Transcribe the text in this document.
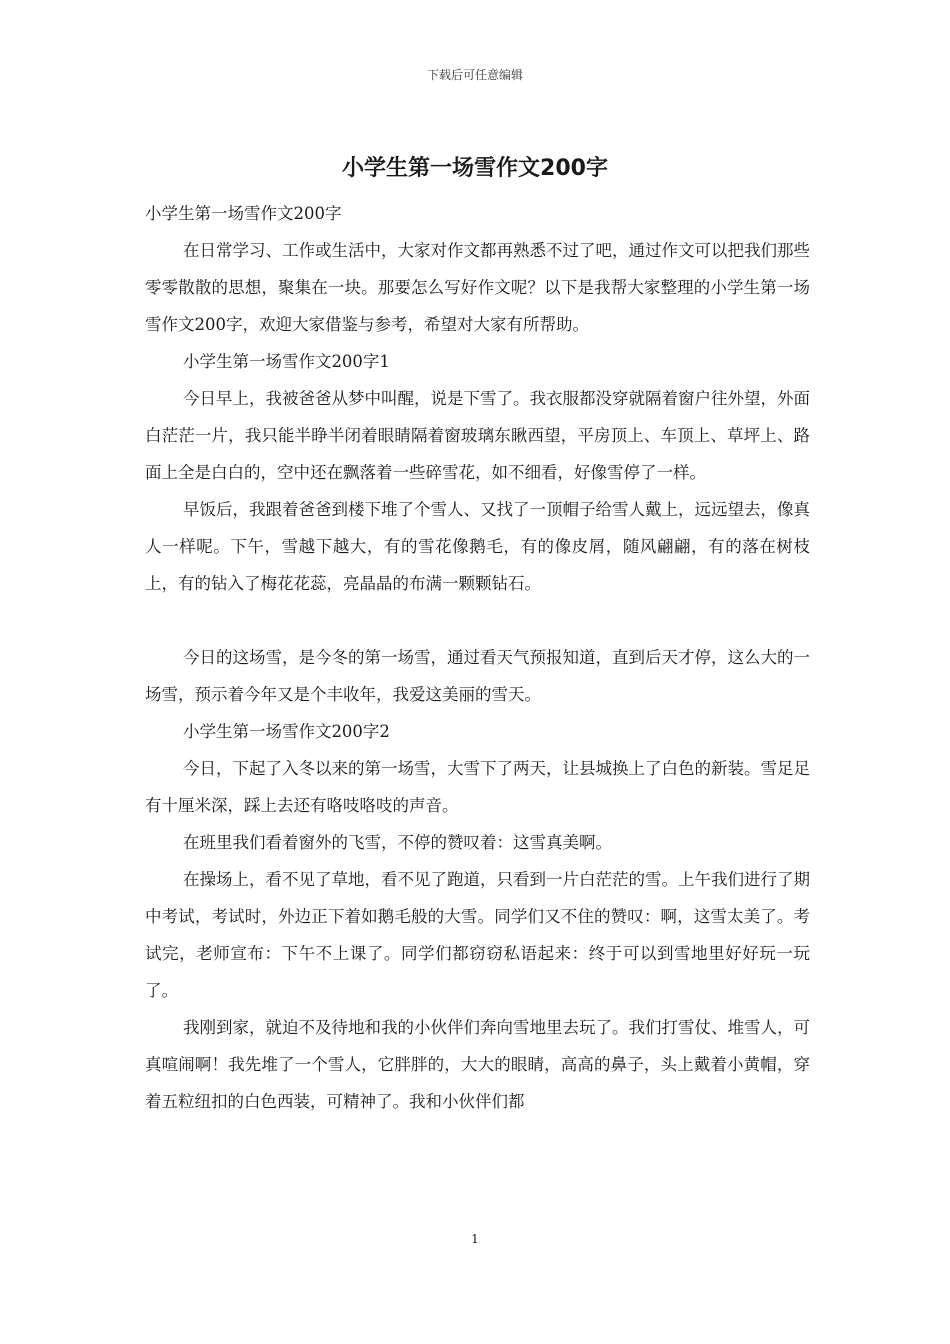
下载后可任意编辑
小学生第一场雪作文200字

小学生第一场雪作文200字

在日常学习、工作或生活中，大家对作文都再熟悉不过了吧，通过作文可以把我们那些零零散散的思想，聚集在一块。那要怎么写好作文呢？以下是我帮大家整理的小学生第一场雪作文200字，欢迎大家借鉴与参考，希望对大家有所帮助。

小学生第一场雪作文200字1

今日早上，我被爸爸从梦中叫醒，说是下雪了。我衣服都没穿就隔着窗户往外望，外面白茫茫一片，我只能半睁半闭着眼睛隔着窗玻璃东瞅西望，平房顶上、车顶上、草坪上、路面上全是白白的，空中还在飘落着一些碎雪花，如不细看，好像雪停了一样。

早饭后，我跟着爸爸到楼下堆了个雪人、又找了一顶帽子给雪人戴上，远远望去，像真人一样呢。下午，雪越下越大，有的雪花像鹅毛，有的像皮屑，随风翩翩，有的落在树枝上，有的钻入了梅花花蕊，亮晶晶的布满一颗颗钻石。

今日的这场雪，是今冬的第一场雪，通过看天气预报知道，直到后天才停，这么大的一场雪，预示着今年又是个丰收年，我爱这美丽的雪天。

小学生第一场雪作文200字2

今日，下起了入冬以来的第一场雪，大雪下了两天，让县城换上了白色的新装。雪足足有十厘米深，踩上去还有咯吱咯吱的声音。

在班里我们看着窗外的飞雪，不停的赞叹着：这雪真美啊。

在操场上，看不见了草地，看不见了跑道，只看到一片白茫茫的雪。上午我们进行了期中考试，考试时，外边正下着如鹅毛般的大雪。同学们又不住的赞叹：啊，这雪太美了。考试完，老师宣布：下午不上课了。同学们都窃窃私语起来：终于可以到雪地里好好玩一玩了。

我刚到家，就迫不及待地和我的小伙伴们奔向雪地里去玩了。我们打雪仗、堆雪人，可真喧闹啊！我先堆了一个雪人，它胖胖的，大大的眼睛，高高的鼻子，头上戴着小黄帽，穿着五粒纽扣的白色西装，可精神了。我和小伙伴们都

1
